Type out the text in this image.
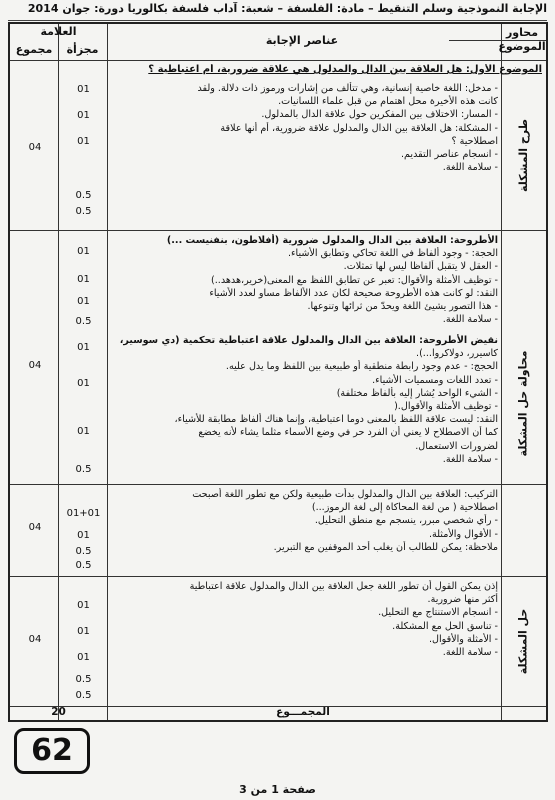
الإجابة النموذجية وسلم التنقيط – مادة: الفلسفة – شعبة: آداب فلسفة بكالوريا دورة: جوان 2014
محاور الموضوع
عناصر الإجابة
العلامة
مجزأة
مجموع
الموضوع الأول: هل العلاقة بين الدال والمدلول هي علاقة ضرورية، أم اعتباطية ؟
طرح المشكلة
محاولة حل المشكلة
حل المشكلة
- مدخل: اللغة خاصية إنسانية، وهي تتألف من إشارات ورموز ذات دلالة. ولقد
كانت هذه الأخيرة محل اهتمام من قبل علماء اللسانيات.
- المسار: الاختلاف بين المفكرين حول علاقة الدال بالمدلول.
- المشكلة: هل العلاقة بين الدال والمدلول علاقة ضرورية، أم أنها علاقة
اصطلاحية ؟
- انسجام عناصر التقديم.
- سلامة اللغة.
01
01
01
0.5
0.5
04
الأطروحة: العلاقة بين الدال والمدلول ضرورية (أفلاطون، بنفنيست ...)
الحجة: - وجود ألفاظ في اللغة تحاكي وتطابق الأشياء.
- العقل لا يتقبل ألفاظا ليس لها تمثلات.
- توظيف الأمثلة والأقوال: تعبر عن تطابق اللفظ مع المعنى(خرير،هدهد..)
النقد: لو كانت هذه الأطروحة صحيحة لكان عدد الألفاظ مساو لعدد الأشياء
- هذا التصور يشيئ اللغة ويحدّ من ثرائها وتنوعها.
- سلامة اللغة.
01
01
01
0.5
نقيض الأطروحة: العلاقة بين الدال والمدلول علاقة اعتباطية تحكمية (دي سوسير،
كاسيرر، دولاكروا...).
الحجج: - عدم وجود رابطة منطقية أو طبيعية بين اللفظ وما يدل عليه.
- تعدد اللغات ومسميات الأشياء.
- الشيء الواحد يُشار إليه بألفاظ مختلفة)
- توظيف الأمثلة والأقوال.(
النقد: ليست علاقة اللفظ بالمعنى دوما اعتباطية، وإنما هناك ألفاظ مطابقة للأشياء،
كما أن الاصطلاح لا يعني أن الفرد حر في وضع الأسماء مثلما يشاء لأنه يخضع
لضرورات الاستعمال.
- سلامة اللغة.
01
01
01
0.5
04
التركيب: العلاقة بين الدال والمدلول بدأت طبيعية ولكن مع تطور اللغة أصبحت
اصطلاحية ( من لغة المحاكاة إلى لغة الرموز...)
- رأي شخصي مبرر، ينسجم مع منطق التحليل.
- الأقوال والأمثلة.
ملاحظة: يمكن للطالب أن يغلب أحد الموقفين مع التبرير.
01+01
01
0.5
0.5
04
إذن يمكن القول أن تطور اللغة جعل العلاقة بين الدال والمدلول علاقة اعتباطية
أكثر منها ضرورية.
- انسجام الاستنتاج مع التحليل.
- تناسق الحل مع المشكلة.
- الأمثلة والأقوال.
- سلامة اللغة.
01
01
01
0.5
0.5
04
المجمـــوع
20
62
صفحة 1 من 3
